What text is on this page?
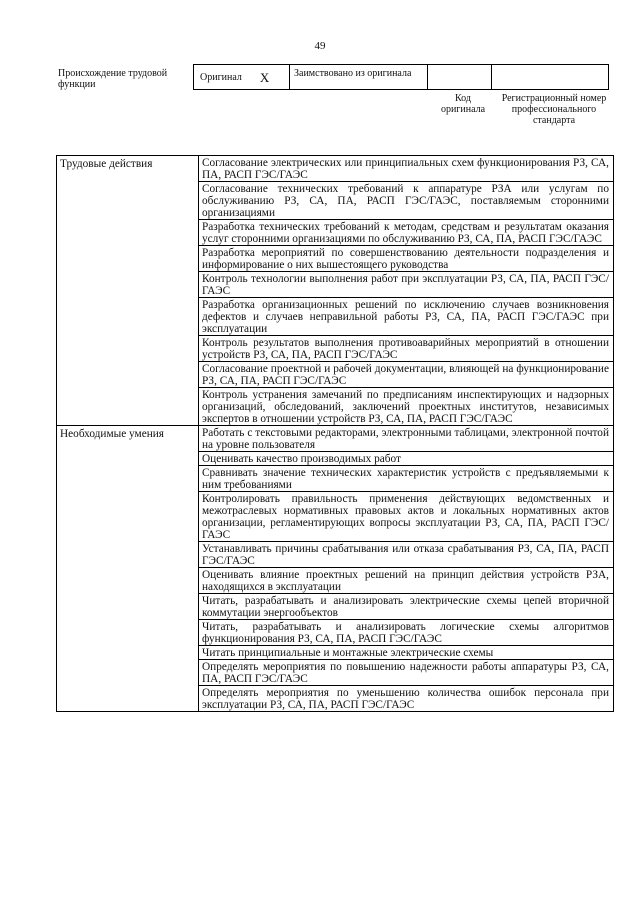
49
Происхождение трудовой функции
Оригинал X	Заимствовано из оригинала
Код оригинала
Регистрационный номер профессионального стандарта
Трудовые действия	Согласование электрических или принципиальных схем функционирования РЗ, СА, ПА, РАСП ГЭС/ГАЭС
	Согласование технических требований к аппаратуре РЗА или услугам по обслуживанию РЗ, СА, ПА, РАСП ГЭС/ГАЭС, поставляемым сторонними организациями
	Разработка технических требований к методам, средствам и результатам оказания услуг сторонними организациями по обслуживанию РЗ, СА, ПА, РАСП ГЭС/ГАЭС
	Разработка мероприятий по совершенствованию деятельности подразделения и информирование о них вышестоящего руководства
	Контроль технологии выполнения работ при эксплуатации РЗ, СА, ПА, РАСП ГЭС/ГАЭС
	Разработка организационных решений по исключению случаев возникновения дефектов и случаев неправильной работы РЗ, СА, ПА, РАСП ГЭС/ГАЭС при эксплуатации
	Контроль результатов выполнения противоаварийных мероприятий в отношении устройств РЗ, СА, ПА, РАСП ГЭС/ГАЭС
	Согласование проектной и рабочей документации, влияющей на функционирование РЗ, СА, ПА, РАСП ГЭС/ГАЭС
	Контроль устранения замечаний по предписаниям инспектирующих и надзорных организаций, обследований, заключений проектных институтов, независимых экспертов в отношении устройств РЗ, СА, ПА, РАСП ГЭС/ГАЭС
Необходимые умения	Работать с текстовыми редакторами, электронными таблицами, электронной почтой на уровне пользователя
	Оценивать качество производимых работ
	Сравнивать значение технических характеристик устройств с предъявляемыми к ним требованиями
	Контролировать правильность применения действующих ведомственных и межотраслевых нормативных правовых актов и локальных нормативных актов организации, регламентирующих вопросы эксплуатации РЗ, СА, ПА, РАСП ГЭС/ГАЭС
	Устанавливать причины срабатывания или отказа срабатывания РЗ, СА, ПА, РАСП ГЭС/ГАЭС
	Оценивать влияние проектных решений на принцип действия устройств РЗА, находящихся в эксплуатации
	Читать, разрабатывать и анализировать электрические схемы цепей вторичной коммутации энергообъектов
	Читать, разрабатывать и анализировать логические схемы алгоритмов функционирования РЗ, СА, ПА, РАСП ГЭС/ГАЭС
	Читать принципиальные и монтажные электрические схемы
	Определять мероприятия по повышению надежности работы аппаратуры РЗ, СА, ПА, РАСП ГЭС/ГАЭС
	Определять мероприятия по уменьшению количества ошибок персонала при эксплуатации РЗ, СА, ПА, РАСП ГЭС/ГАЭС
